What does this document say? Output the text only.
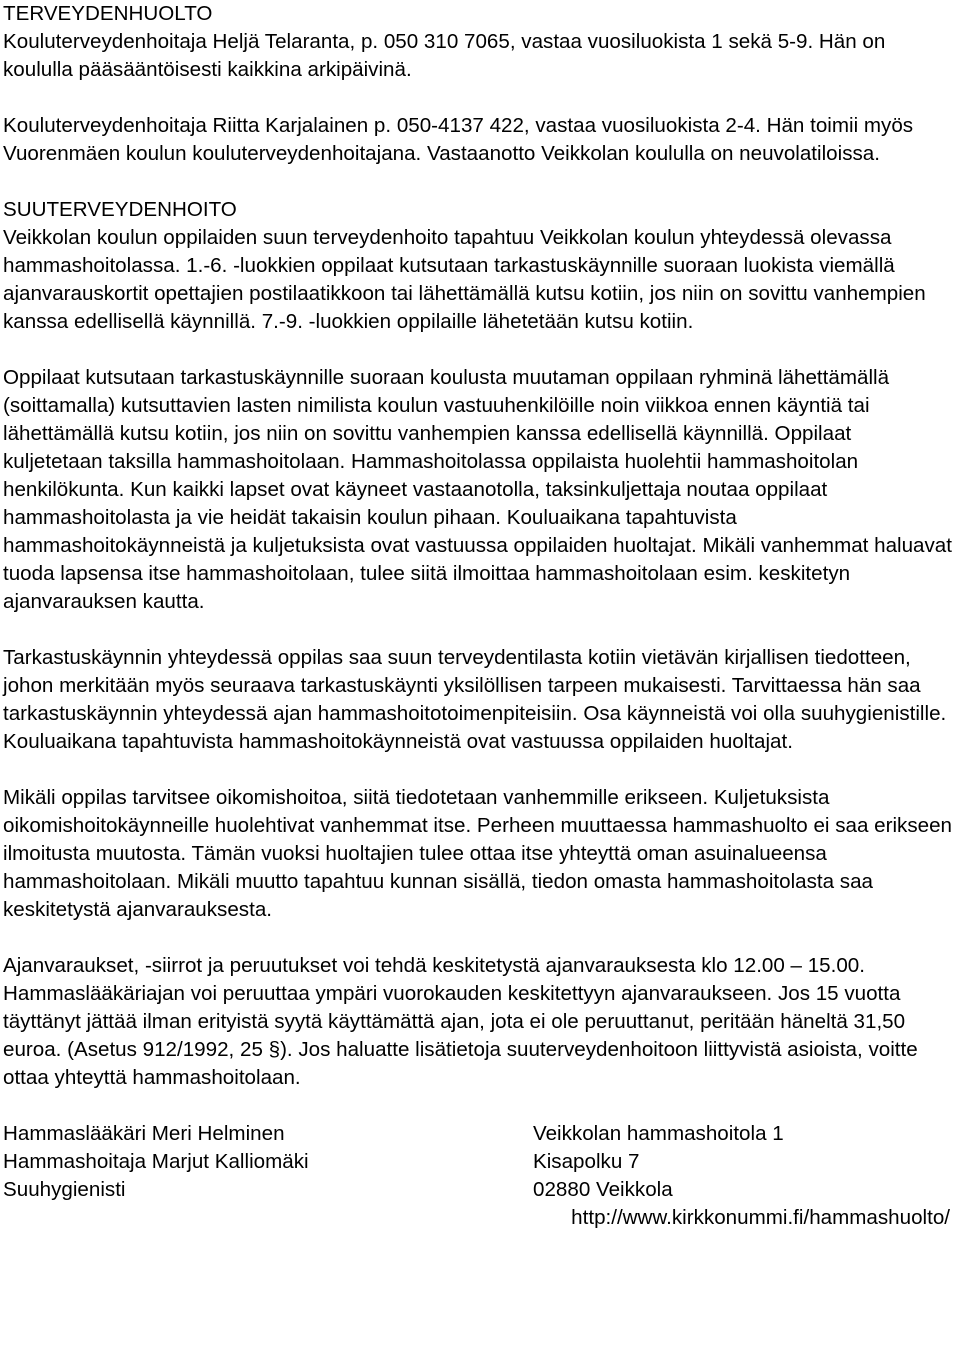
TERVEYDENHUOLTO

Kouluterveydenhoitaja Heljä Telaranta, p. 050 310 7065, vastaa vuosiluokista 1 sekä 5-9. Hän on koululla pääsääntöisesti kaikkina arkipäivinä.

Kouluterveydenhoitaja Riitta Karjalainen p. 050-4137 422, vastaa vuosiluokista 2-4. Hän toimii myös Vuorenmäen koulun kouluterveydenhoitajana. Vastaanotto Veikkolan koululla on neuvolatiloissa.

SUUTERVEYDENHOITO

Veikkolan koulun oppilaiden suun terveydenhoito tapahtuu Veikkolan koulun yhteydessä olevassa hammashoitolassa. 1.-6. -luokkien oppilaat kutsutaan tarkastuskäynnille suoraan luokista viemällä ajanvarauskortit opettajien postilaatikkoon tai lähettämällä kutsu kotiin, jos niin on sovittu vanhempien kanssa edellisellä käynnillä. 7.-9. -luokkien oppilaille lähetetään kutsu kotiin.

Oppilaat kutsutaan tarkastuskäynnille suoraan koulusta muutaman oppilaan ryhminä lähettämällä (soittamalla) kutsuttavien lasten nimilista koulun vastuuhenkilöille noin viikkoa ennen käyntiä tai lähettämällä kutsu kotiin, jos niin on sovittu vanhempien kanssa edellisellä käynnillä. Oppilaat kuljetetaan taksilla hammashoitolaan. Hammashoitolassa oppilaista huolehtii hammashoitolan henkilökunta. Kun kaikki lapset ovat käyneet vastaanotolla, taksinkuljettaja noutaa oppilaat hammashoitolasta ja vie heidät takaisin koulun pihaan. Kouluaikana tapahtuvista hammashoitokäynneistä ja kuljetuksista ovat vastuussa oppilaiden huoltajat. Mikäli vanhemmat haluavat tuoda lapsensa itse hammashoitolaan, tulee siitä ilmoittaa hammashoitolaan esim. keskitetyn ajanvarauksen kautta.

Tarkastuskäynnin yhteydessä oppilas saa suun terveydentilasta kotiin vietävän kirjallisen tiedotteen, johon merkitään myös seuraava tarkastuskäynti yksilöllisen tarpeen mukaisesti. Tarvittaessa hän saa tarkastuskäynnin yhteydessä ajan hammashoitotoimenpiteisiin. Osa käynneistä voi olla suuhygienistille. Kouluaikana tapahtuvista hammashoitokäynneistä ovat vastuussa oppilaiden huoltajat.

Mikäli oppilas tarvitsee oikomishoitoa, siitä tiedotetaan vanhemmille erikseen. Kuljetuksista oikomishoitokäynneille huolehtivat vanhemmat itse. Perheen muuttaessa hammashuolto ei saa erikseen ilmoitusta muutosta. Tämän vuoksi huoltajien tulee ottaa itse yhteyttä oman asuinalueensa hammashoitolaan. Mikäli muutto tapahtuu kunnan sisällä, tiedon omasta hammashoitolasta saa keskitetystä ajanvarauksesta.

Ajanvaraukset, -siirrot ja peruutukset voi tehdä keskitetystä ajanvarauksesta klo 12.00 – 15.00. Hammaslääkäriajan voi peruuttaa ympäri vuorokauden keskitettyyn ajanvaraukseen. Jos 15 vuotta täyttänyt jättää ilman erityistä syytä käyttämättä ajan, jota ei ole peruuttanut, peritään häneltä 31,50 euroa. (Asetus 912/1992, 25 §). Jos haluatte lisätietoja suuterveydenhoitoon liittyvistä asioista, voitte ottaa yhteyttä hammashoitolaan.

Hammaslääkäri Meri Helminen	Veikkolan hammashoitola 1
Hammashoitaja Marjut Kalliomäki	Kisapolku 7
Suuhygienisti	02880 Veikkola
http://www.kirkkonummi.fi/hammashuolto/
